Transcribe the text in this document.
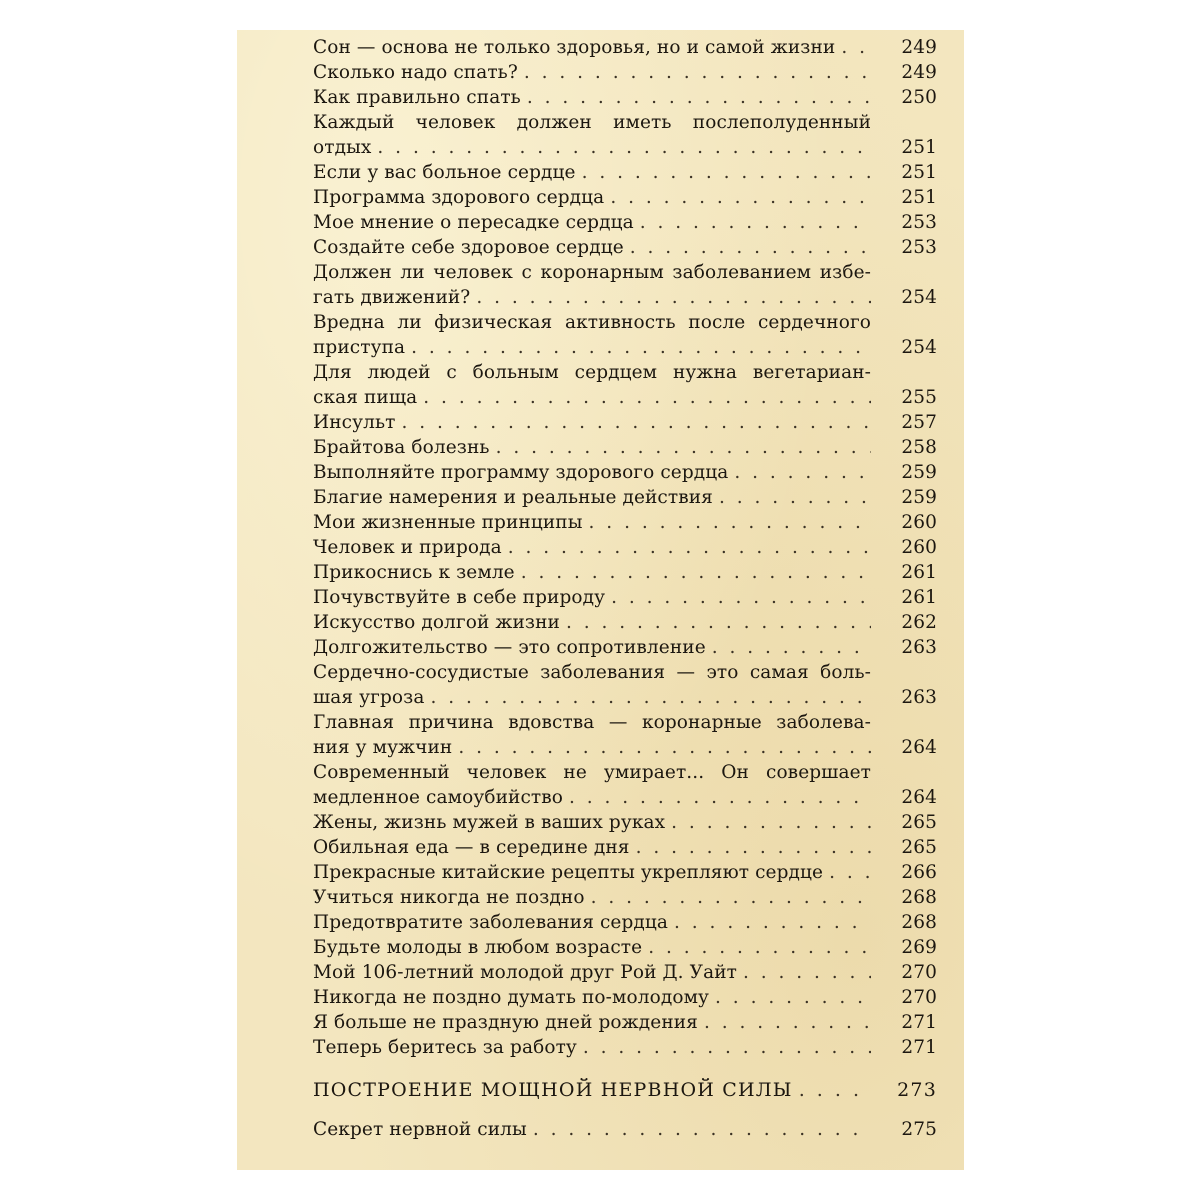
Сон — основа не только здоровья, но и самой жизни . . .	249
Сколько надо спать? . . .	249
Как правильно спать . . .	250
Каждый человек должен иметь послеполуденный
отдых . . .	251
Если у вас больное сердце . . .	251
Программа здорового сердца . . .	251
Мое мнение о пересадке сердца . . .	253
Создайте себе здоровое сердце . . .	253
Должен ли человек с коронарным заболеванием избе-
гать движений? . . .	254
Вредна ли физическая активность после сердечного
приступа . . .	254
Для людей с больным сердцем нужна вегетариан-
ская пища . . .	255
Инсульт . . .	257
Брайтова болезнь . . .	258
Выполняйте программу здорового сердца . . .	259
Благие намерения и реальные действия . . .	259
Мои жизненные принципы . . .	260
Человек и природа . . .	260
Прикоснись к земле . . .	261
Почувствуйте в себе природу . . .	261
Искусство долгой жизни . . .	262
Долгожительство — это сопротивление . . .	263
Сердечно-сосудистые заболевания — это самая боль-
шая угроза . . .	263
Главная причина вдовства — коронарные заболева-
ния у мужчин . . .	264
Современный человек не умирает... Он совершает
медленное самоубийство . . .	264
Жены, жизнь мужей в ваших руках . . .	265
Обильная еда — в середине дня . . .	265
Прекрасные китайские рецепты укрепляют сердце . . .	266
Учиться никогда не поздно . . .	268
Предотвратите заболевания сердца . . .	268
Будьте молоды в любом возрасте . . .	269
Мой 106-летний молодой друг Рой Д. Уайт . . .	270
Никогда не поздно думать по-молодому . . .	270
Я больше не праздную дней рождения . . .	271
Теперь беритесь за работу . . .	271
ПОСТРОЕНИЕ МОЩНОЙ НЕРВНОЙ СИЛЫ . . .	273
Секрет нервной силы . . .	275
